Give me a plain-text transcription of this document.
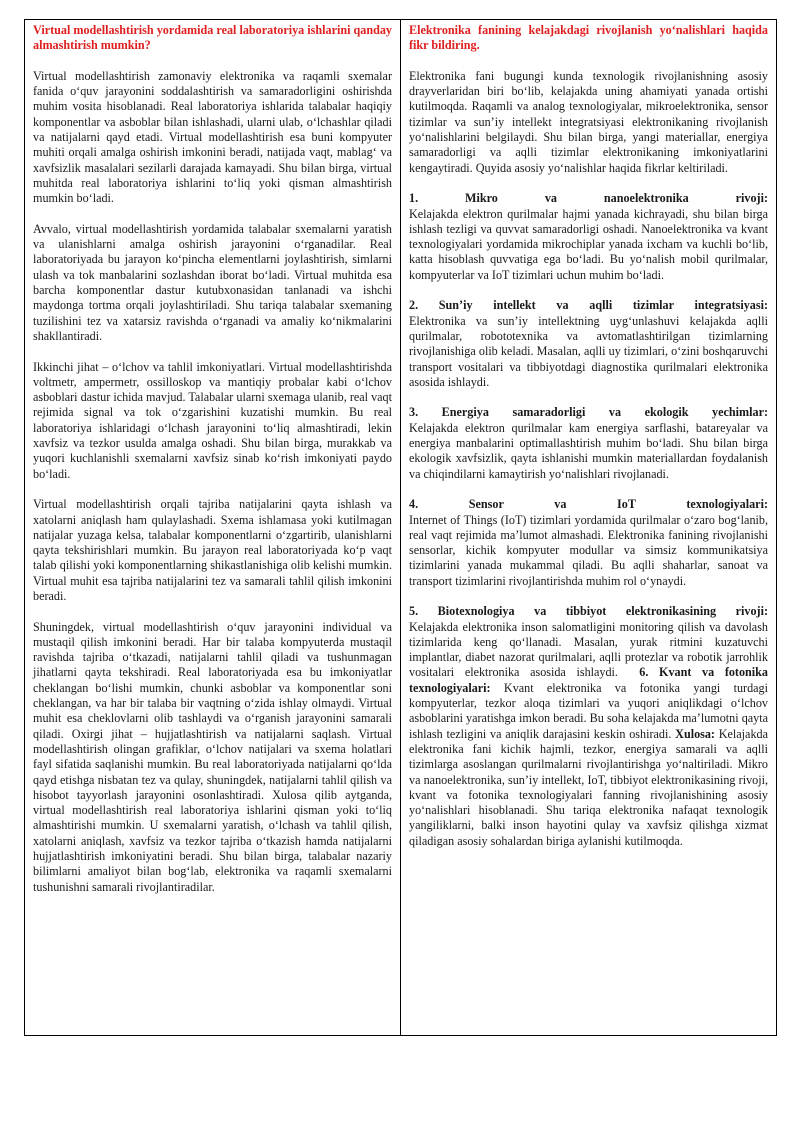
Virtual modellashtirish yordamida real laboratoriya ishlarini qanday almashtirish mumkin?

Virtual modellashtirish zamonaviy elektronika va raqamli sxemalar fanida o‘quv jarayonini soddalashtirish va samaradorligini oshirishda muhim vosita hisoblanadi. Real laboratoriya ishlarida talabalar haqiqiy komponentlar va asboblar bilan ishlashadi, ularni ulab, o‘lchashlar qiladi va natijalarni qayd etadi. Virtual modellashtirish esa buni kompyuter muhiti orqali amalga oshirish imkonini beradi, natijada vaqt, mablag‘ va xavfsizlik masalalari sezilarli darajada kamayadi. Shu bilan birga, virtual muhitda real laboratoriya ishlarini to‘liq yoki qisman almashtirish mumkin bo‘ladi.

Avvalo, virtual modellashtirish yordamida talabalar sxemalarni yaratish va ulanishlarni amalga oshirish jarayonini o‘rganadilar. Real laboratoriyada bu jarayon ko‘pincha elementlarni joylashtirish, simlarni ulash va tok manbalarini sozlashdan iborat bo‘ladi. Virtual muhitda esa barcha komponentlar dastur kutubxonasidan tanlanadi va ishchi maydonga tortma orqali joylashtiriladi. Shu tariqa talabalar sxemaning tuzilishini tez va xatarsiz ravishda o‘rganadi va amaliy ko‘nikmalarini shakllantiradi.

Ikkinchi jihat – o‘lchov va tahlil imkoniyatlari. Virtual modellashtirishda voltmetr, ampermetr, ossilloskop va mantiqiy probalar kabi o‘lchov asboblari dastur ichida mavjud. Talabalar ularni sxemaga ulanib, real vaqt rejimida signal va tok o‘zgarishini kuzatishi mumkin. Bu real laboratoriya ishlaridagi o‘lchash jarayonini to‘liq almashtiradi, lekin xavfsiz va tezkor usulda amalga oshadi. Shu bilan birga, murakkab va yuqori kuchlanishli sxemalarni xavfsiz sinab ko‘rish imkoniyati paydo bo‘ladi.

Virtual modellashtirish orqali tajriba natijalarini qayta ishlash va xatolarni aniqlash ham qulaylashadi. Sxema ishlamasa yoki kutilmagan natijalar yuzaga kelsa, talabalar komponentlarni o‘zgartirib, ulanishlarni qayta tekshirishlari mumkin. Bu jarayon real laboratoriyada ko‘p vaqt talab qilishi yoki komponentlarning shikastlanishiga olib kelishi mumkin. Virtual muhit esa tajriba natijalarini tez va samarali tahlil qilish imkonini beradi.

Shuningdek, virtual modellashtirish o‘quv jarayonini individual va mustaqil qilish imkonini beradi. Har bir talaba kompyuterda mustaqil ravishda tajriba o‘tkazadi, natijalarni tahlil qiladi va tushunmagan jihatlarni qayta tekshiradi. Real laboratoriyada esa bu imkoniyatlar cheklangan bo‘lishi mumkin, chunki asboblar va komponentlar soni cheklangan, va har bir talaba bir vaqtning o‘zida ishlay olmaydi. Virtual muhit esa cheklovlarni olib tashlaydi va o‘rganish jarayonini samarali qiladi. Oxirgi jihat – hujjatlashtirish va natijalarni saqlash. Virtual modellashtirish olingan grafiklar, o‘lchov natijalari va sxema holatlari fayl sifatida saqlanishi mumkin. Bu real laboratoriyada natijalarni qo‘lda qayd etishga nisbatan tez va qulay, shuningdek, natijalarni tahlil qilish va hisobot tayyorlash jarayonini osonlashtiradi. Xulosa qilib aytganda, virtual modellashtirish real laboratoriya ishlarini qisman yoki to‘liq almashtirishi mumkin. U sxemalarni yaratish, o‘lchash va tahlil qilish, xatolarni aniqlash, xavfsiz va tezkor tajriba o‘tkazish hamda natijalarni hujjatlashtirish imkoniyatini beradi. Shu bilan birga, talabalar nazariy bilimlarni amaliyot bilan bog‘lab, elektronika va raqamli sxemalarni tushunishni samarali rivojlantiradilar.

Elektronika fanining kelajakdagi rivojlanish yo‘nalishlari haqida fikr bildiring.

Elektronika fani bugungi kunda texnologik rivojlanishning asosiy drayverlaridan biri bo‘lib, kelajakda uning ahamiyati yanada ortishi kutilmoqda. Raqamli va analog texnologiyalar, mikroelektronika, sensor tizimlar va sun’iy intellekt integratsiyasi elektronikaning rivojlanish yo‘nalishlarini belgilaydi. Shu bilan birga, yangi materiallar, energiya samaradorligi va aqlli tizimlar elektronikaning imkoniyatlarini kengaytiradi. Quyida asosiy yo‘nalishlar haqida fikrlar keltiriladi.

1. Mikro va nanoelektronika rivoji:
Kelajakda elektron qurilmalar hajmi yanada kichrayadi, shu bilan birga ishlash tezligi va quvvat samaradorligi oshadi. Nanoelektronika va kvant texnologiyalari yordamida mikrochiplar yanada ixcham va kuchli bo‘lib, katta hisoblash quvvatiga ega bo‘ladi. Bu yo‘nalish mobil qurilmalar, kompyuterlar va IoT tizimlari uchun muhim bo‘ladi.

2. Sun’iy intellekt va aqlli tizimlar integratsiyasi:
Elektronika va sun’iy intellektning uyg‘unlashuvi kelajakda aqlli qurilmalar, robototexnika va avtomatlashtirilgan tizimlarning rivojlanishiga olib keladi. Masalan, aqlli uy tizimlari, o‘zini boshqaruvchi transport vositalari va tibbiyotdagi diagnostika qurilmalari elektronika asosida ishlaydi.

3. Energiya samaradorligi va ekologik yechimlar:
Kelajakda elektron qurilmalar kam energiya sarflashi, batareyalar va energiya manbalarini optimallashtirish muhim bo‘ladi. Shu bilan birga ekologik xavfsizlik, qayta ishlanishi mumkin materiallardan foydalanish va chiqindilarni kamaytirish yo‘nalishlari rivojlanadi.

4. Sensor va IoT texnologiyalari:
Internet of Things (IoT) tizimlari yordamida qurilmalar o‘zaro bog‘lanib, real vaqt rejimida ma’lumot almashadi. Elektronika fanining rivojlanishi sensorlar, kichik kompyuter modullar va simsiz kommunikatsiya tizimlarini yanada mukammal qiladi. Bu aqlli shaharlar, sanoat va transport tizimlarini rivojlantirishda muhim rol o‘ynaydi.

5. Biotexnologiya va tibbiyot elektronikasining rivoji:
Kelajakda elektronika inson salomatligini monitoring qilish va davolash tizimlarida keng qo‘llanadi. Masalan, yurak ritmini kuzatuvchi implantlar, diabet nazorat qurilmalari, aqlli protezlar va robotik jarrohlik vositalari elektronika asosida ishlaydi. 6. Kvant va fotonika texnologiyalari: Kvant elektronika va fotonika yangi turdagi kompyuterlar, tezkor aloqa tizimlari va yuqori aniqlikdagi o‘lchov asboblarini yaratishga imkon beradi. Bu soha kelajakda ma’lumotni qayta ishlash tezligini va aniqlik darajasini keskin oshiradi. Xulosa: Kelajakda elektronika fani kichik hajmli, tezkor, energiya samarali va aqlli tizimlarga asoslangan qurilmalarni rivojlantirishga yo‘naltiriladi. Mikro va nanoelektronika, sun’iy intellekt, IoT, tibbiyot elektronikasining rivoji, kvant va fotonika texnologiyalari fanning rivojlanishining asosiy yo‘nalishlari hisoblanadi. Shu tariqa elektronika nafaqat texnologik yangiliklarni, balki inson hayotini qulay va xavfsiz qilishga xizmat qiladigan asosiy sohalardan biriga aylanishi kutilmoqda.
